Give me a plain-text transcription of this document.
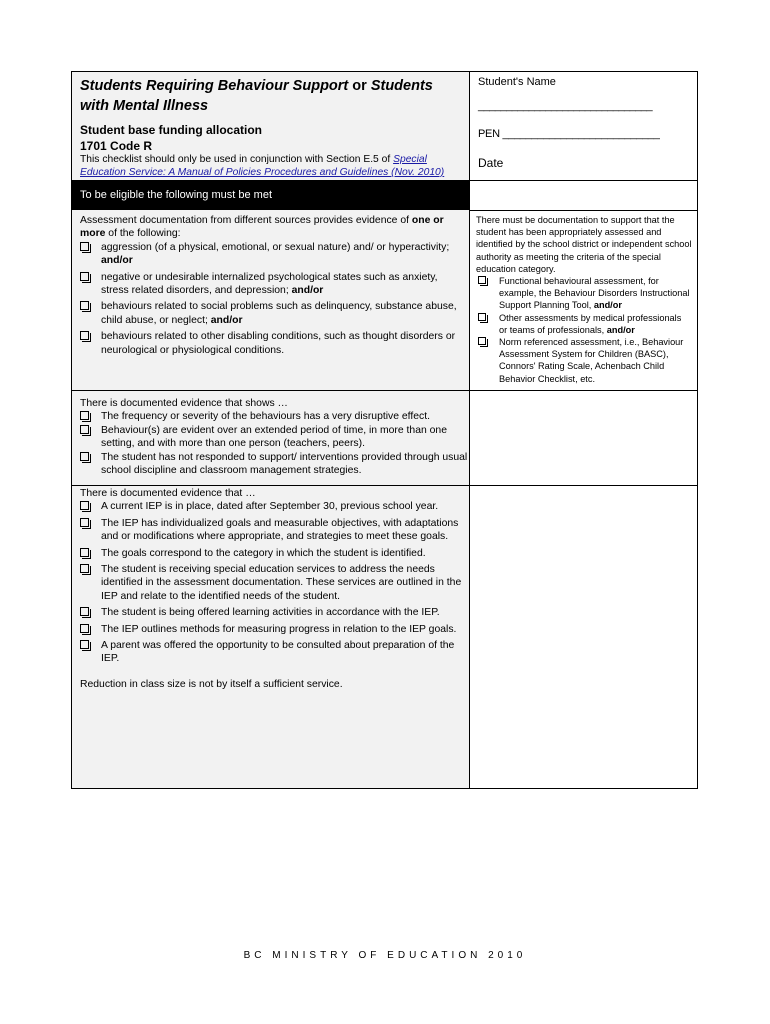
Students Requiring Behaviour Support or Students with Mental Illness
Student base funding allocation
1701 Code R
This checklist should only be used in conjunction with Section E.5 of Special Education Service: A Manual of Policies Procedures and Guidelines (Nov. 2010)
To be eligible the following must be met

Assessment documentation from different sources provides evidence of one or more of the following:

aggression (of a physical, emotional, or sexual nature) and/ or hyperactivity; and/or
negative or undesirable internalized psychological states such as anxiety, stress related disorders, and depression; and/or
behaviours related to social problems such as delinquency, substance abuse, child abuse, or neglect; and/or
behaviours related to other disabling conditions, such as thought disorders or neurological or physiological conditions.

There is documented evidence that shows …

The frequency or severity of the behaviours has a very disruptive effect.
Behaviour(s) are evident over an extended period of time, in more than one setting, and with more than one person (teachers, peers).
The student has not responded to support/ interventions provided through usual school discipline and classroom management strategies.

There is documented evidence that …

A current IEP is in place, dated after September 30, previous school year.
The IEP has individualized goals and measurable objectives, with adaptations and or modifications where appropriate, and strategies to meet these goals.
The goals correspond to the category in which the student is identified.
The student is receiving special education services to address the needs identified in the assessment documentation. These services are outlined in the IEP and relate to the identified needs of the student.
The student is being offered learning activities in accordance with the IEP.
The IEP outlines methods for measuring progress in relation to the IEP goals.
A parent was offered the opportunity to be consulted about preparation of the IEP.

Reduction in class size is not by itself a sufficient service.

Student's Name
_______________________________
PEN ___________________________
Date

There must be documentation to support that the student has been appropriately assessed and identified by the school district or independent school authority as meeting the criteria of the special education category.

Functional behavioural assessment, for example, the Behaviour Disorders Instructional Support Planning Tool, and/or
Other assessments by medical professionals or teams of professionals, and/or
Norm referenced assessment, i.e., Behaviour Assessment System for Children (BASC), Connors' Rating Scale, Achenbach Child Behavior Checklist, etc.
BC MINISTRY OF EDUCATION 2010
